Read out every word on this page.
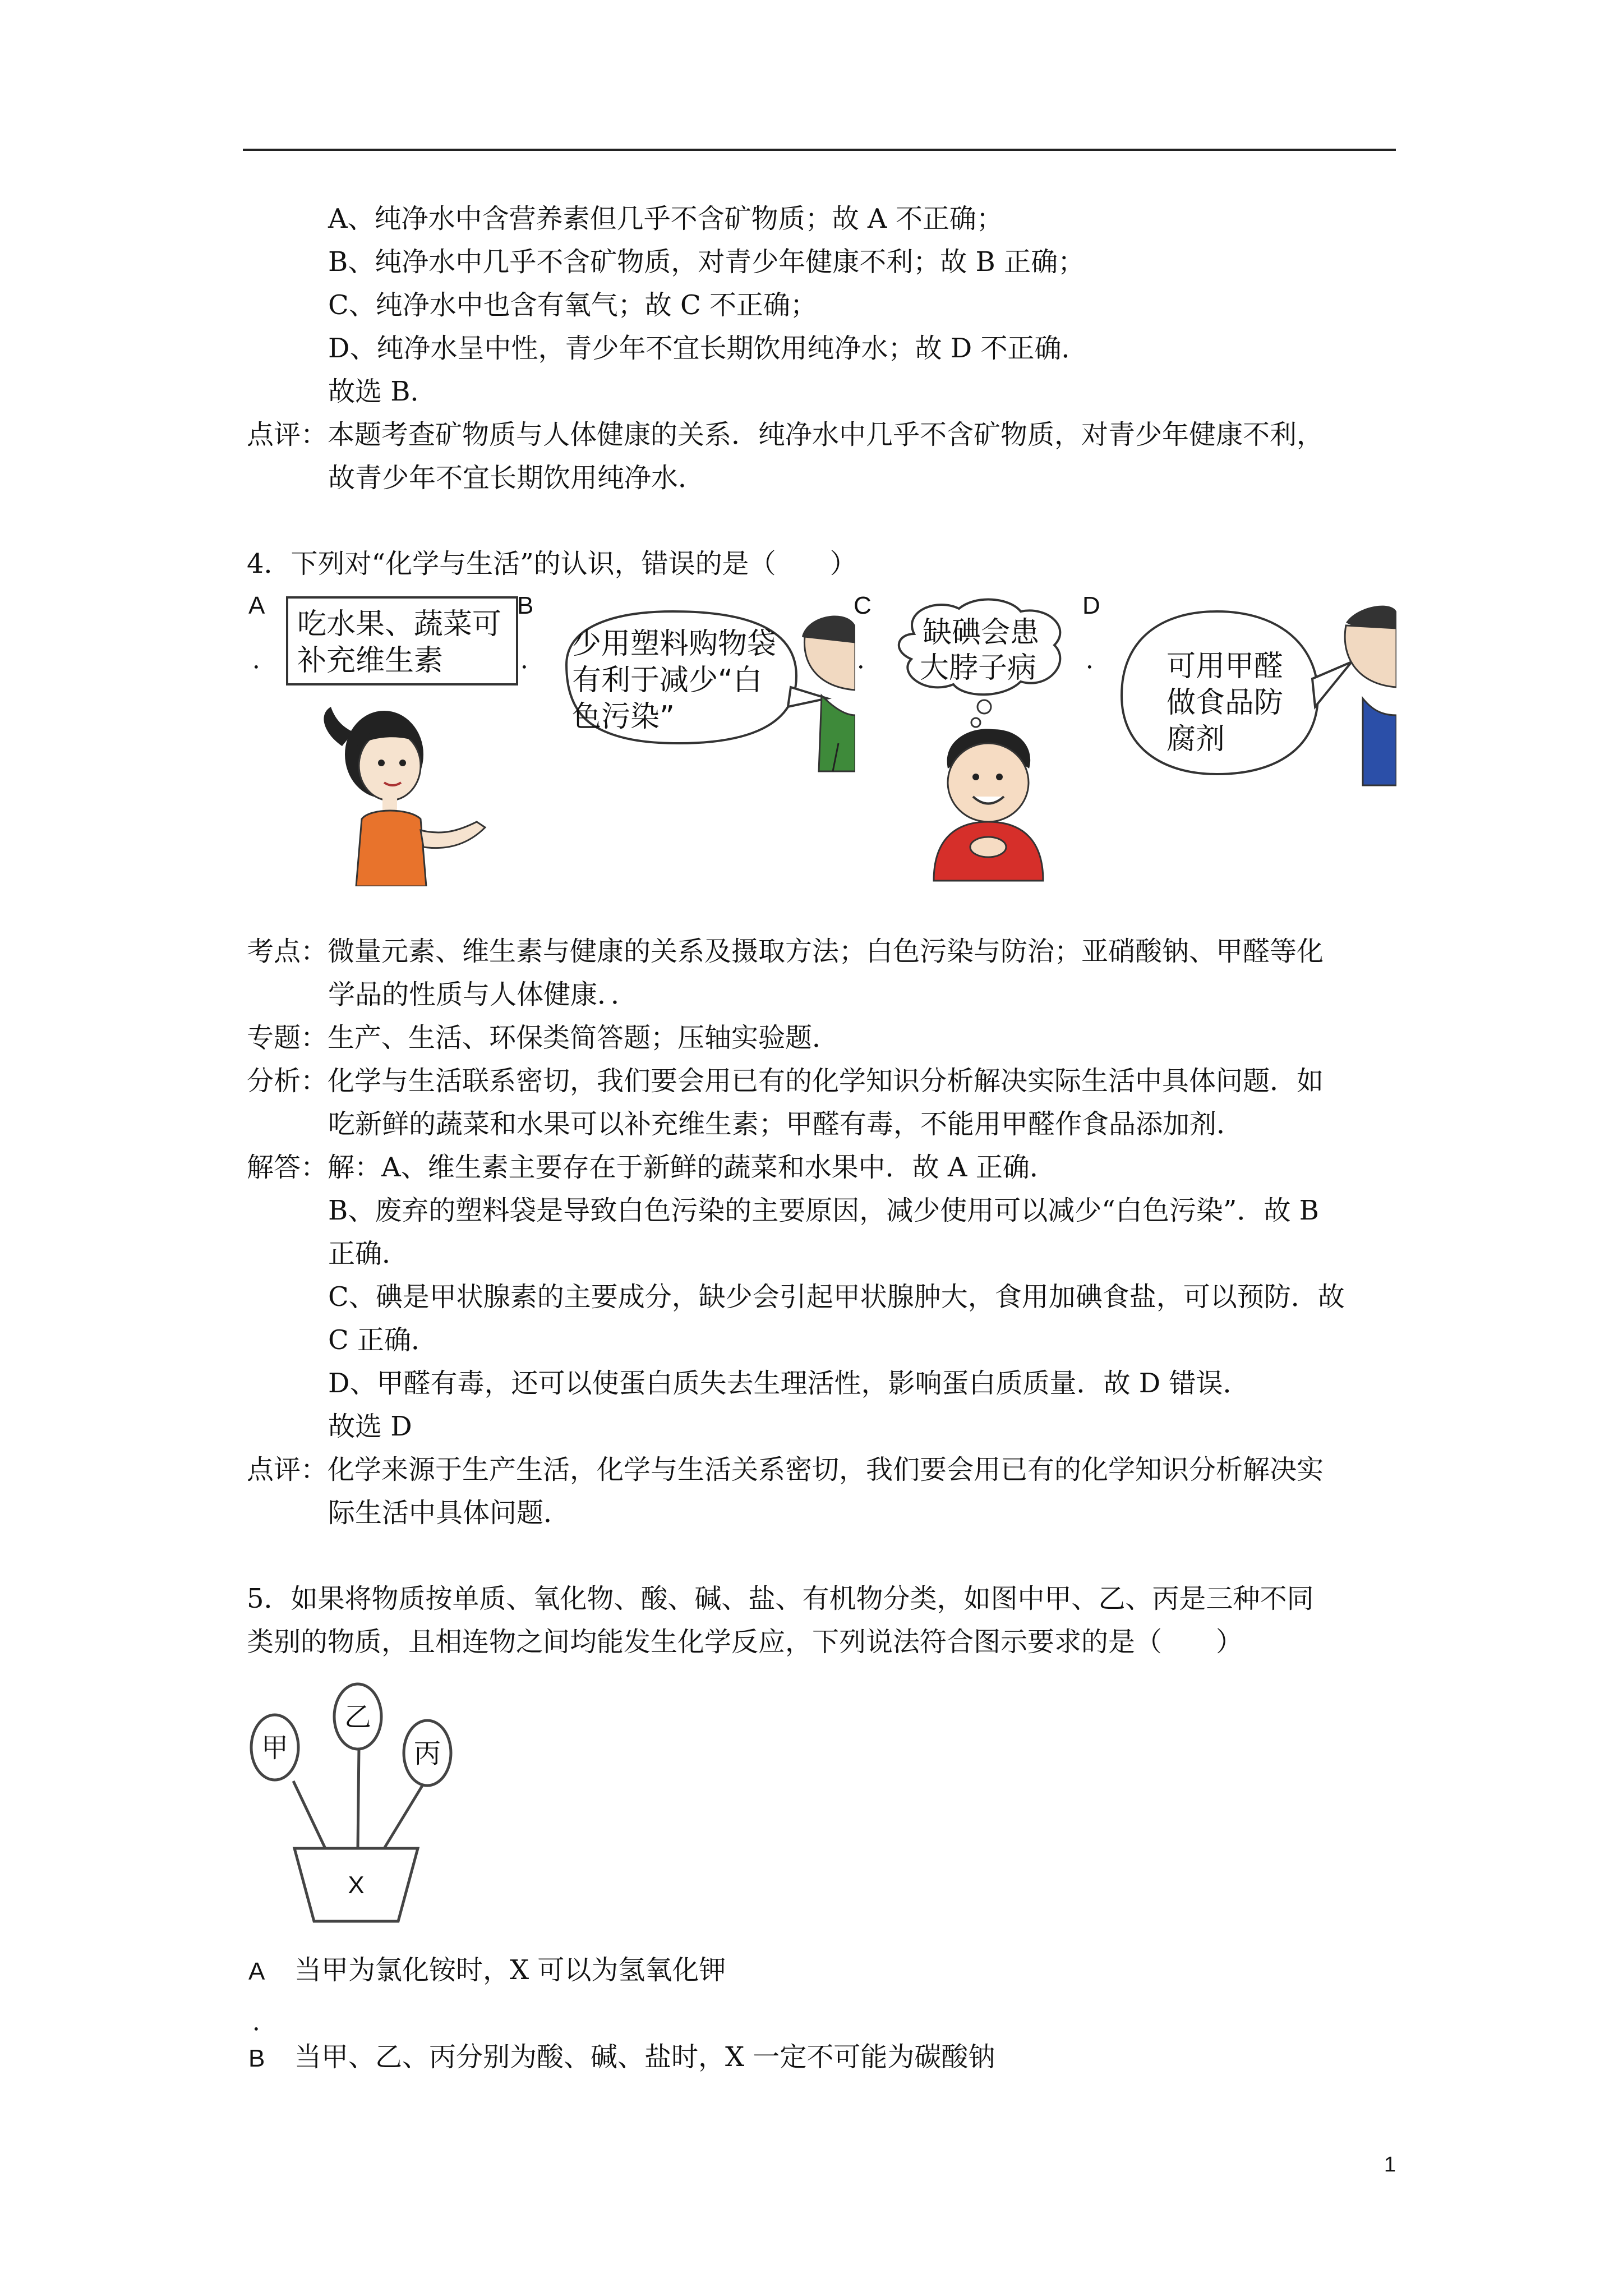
A、纯净水中含营养素但几乎不含矿物质；故 A 不正确；
B、纯净水中几乎不含矿物质，对青少年健康不利；故 B 正确；
C、纯净水中也含有氧气；故 C 不正确；
D、纯净水呈中性，青少年不宜长期饮用纯净水；故 D 不正确．
故选 B．
点评：本题考查矿物质与人体健康的关系．纯净水中几乎不含矿物质，对青少年健康不利，
故青少年不宜长期饮用纯净水．
4．下列对“化学与生活”的认识，错误的是（　　）
A
．
B
．
C
．
D
．
吃水果、蔬菜可
补充维生素	少用塑料购物袋
有利于减少“白
色污染”
缺碘会患
大脖子病	可用甲醛
做食品防
腐剂
考点：微量元素、维生素与健康的关系及摄取方法；白色污染与防治；亚硝酸钠、甲醛等化
学品的性质与人体健康．．
专题：生产、生活、环保类简答题；压轴实验题．
分析：化学与生活联系密切，我们要会用已有的化学知识分析解决实际生活中具体问题．如
吃新鲜的蔬菜和水果可以补充维生素；甲醛有毒，不能用甲醛作食品添加剂．
解答：解：A、维生素主要存在于新鲜的蔬菜和水果中．故 A 正确．
B、废弃的塑料袋是导致白色污染的主要原因，减少使用可以减少“白色污染”．故 B
正确．
C、碘是甲状腺素的主要成分，缺少会引起甲状腺肿大，食用加碘食盐，可以预防．故
C 正确．
D、甲醛有毒，还可以使蛋白质失去生理活性，影响蛋白质质量．故 D 错误．
故选 D
点评：化学来源于生产生活，化学与生活关系密切，我们要会用已有的化学知识分析解决实
际生活中具体问题．
5．如果将物质按单质、氧化物、酸、碱、盐、有机物分类，如图中甲、乙、丙是三种不同
类别的物质，且相连物之间均能发生化学反应，下列说法符合图示要求的是（　　）
甲
乙
丙
X
A 当甲为氯化铵时，X 可以为氢氧化钾
．
B 当甲、乙、丙分别为酸、碱、盐时，X 一定不可能为碳酸钠
1
